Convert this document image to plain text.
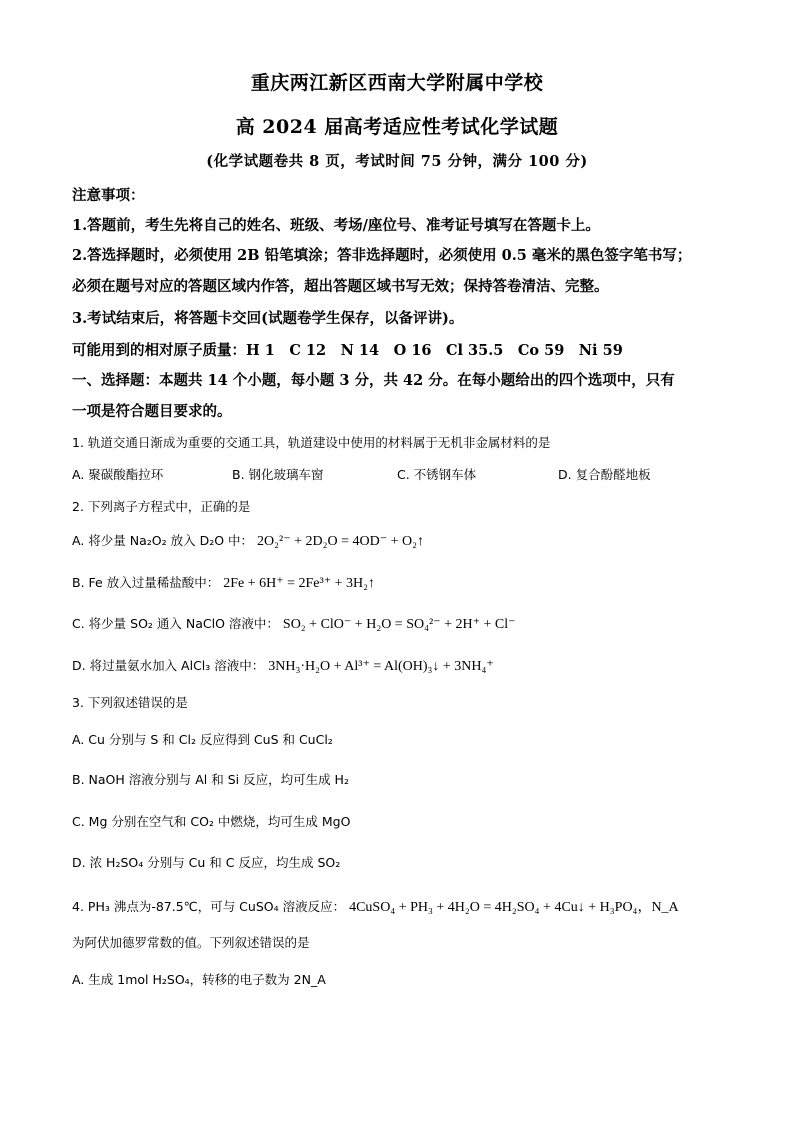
重庆两江新区西南大学附属中学校
高 2024 届高考适应性考试化学试题
(化学试题卷共 8 页，考试时间 75 分钟，满分 100 分)
注意事项：
1.答题前，考生先将自己的姓名、班级、考场/座位号、准考证号填写在答题卡上。
2.答选择题时，必须使用 2B 铅笔填涂；答非选择题时，必须使用 0.5 毫米的黑色签字笔书写；
必须在题号对应的答题区域内作答，超出答题区域书写无效；保持答卷清洁、完整。
3.考试结束后，将答题卡交回(试题卷学生保存，以备评讲)。
可能用到的相对原子质量：H 1　C 12　N 14　O 16　Cl 35.5　Co 59　Ni 59
一、选择题：本题共 14 个小题，每小题 3 分，共 42 分。在每小题给出的四个选项中，只有
一项是符合题目要求的。
1. 轨道交通日渐成为重要的交通工具，轨道建设中使用的材料属于无机非金属材料的是
A. 聚碳酸酯拉环	B. 钢化玻璃车窗	C. 不锈钢车体	D. 复合酚醛地板
2. 下列离子方程式中，正确的是
A. 将少量 Na₂O₂ 放入 D₂O 中： 2O₂²⁻ + 2D₂O = 4OD⁻ + O₂↑
B. Fe 放入过量稀盐酸中： 2Fe + 6H⁺ = 2Fe³⁺ + 3H₂↑
C. 将少量 SO₂ 通入 NaClO 溶液中： SO₂ + ClO⁻ + H₂O = SO₄²⁻ + 2H⁺ + Cl⁻
D. 将过量氨水加入 AlCl₃ 溶液中： 3NH₃·H₂O + Al³⁺ = Al(OH)₃↓ + 3NH₄⁺
3. 下列叙述错误的是
A. Cu 分别与 S 和 Cl₂ 反应得到 CuS 和 CuCl₂
B. NaOH 溶液分别与 Al 和 Si 反应，均可生成 H₂
C. Mg 分别在空气和 CO₂ 中燃烧，均可生成 MgO
D. 浓 H₂SO₄ 分别与 Cu 和 C 反应，均生成 SO₂
4. PH₃ 沸点为-87.5℃，可与 CuSO₄ 溶液反应： 4CuSO₄ + PH₃ + 4H₂O = 4H₂SO₄ + 4Cu↓ + H₃PO₄，N_A
为阿伏加德罗常数的值。下列叙述错误的是
A. 生成 1mol H₂SO₄，转移的电子数为 2N_A
